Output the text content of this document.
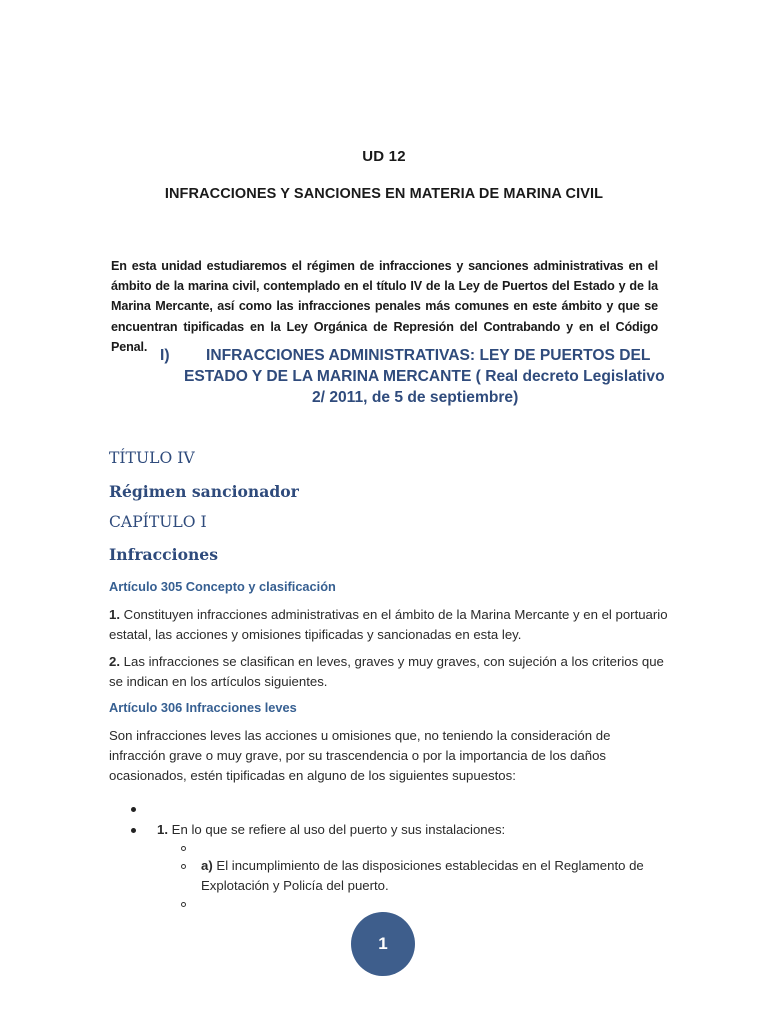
UD 12
INFRACCIONES Y SANCIONES EN MATERIA DE MARINA CIVIL
En esta unidad estudiaremos el régimen de infracciones y sanciones administrativas en el ámbito de la marina civil, contemplado en el título IV de la Ley de Puertos del Estado y de la Marina Mercante, así como las infracciones penales más comunes en este ámbito y que se encuentran tipificadas en la Ley Orgánica de Represión del Contrabando y en el Código Penal.
I) INFRACCIONES ADMINISTRATIVAS: LEY DE PUERTOS DEL
ESTADO Y DE LA MARINA MERCANTE ( Real decreto Legislativo
2/ 2011, de 5 de septiembre)
TÍTULO IV
Régimen sancionador
CAPÍTULO I
Infracciones
Artículo 305 Concepto y clasificación
1. Constituyen infracciones administrativas en el ámbito de la Marina Mercante y en el portuario estatal, las acciones y omisiones tipificadas y sancionadas en esta ley.
2. Las infracciones se clasifican en leves, graves y muy graves, con sujeción a los criterios que se indican en los artículos siguientes.
Artículo 306 Infracciones leves
Son infracciones leves las acciones u omisiones que, no teniendo la consideración de infracción grave o muy grave, por su trascendencia o por la importancia de los daños ocasionados, estén tipificadas en alguno de los siguientes supuestos:
1. En lo que se refiere al uso del puerto y sus instalaciones:
a) El incumplimiento de las disposiciones establecidas en el Reglamento de Explotación y Policía del puerto.
1
